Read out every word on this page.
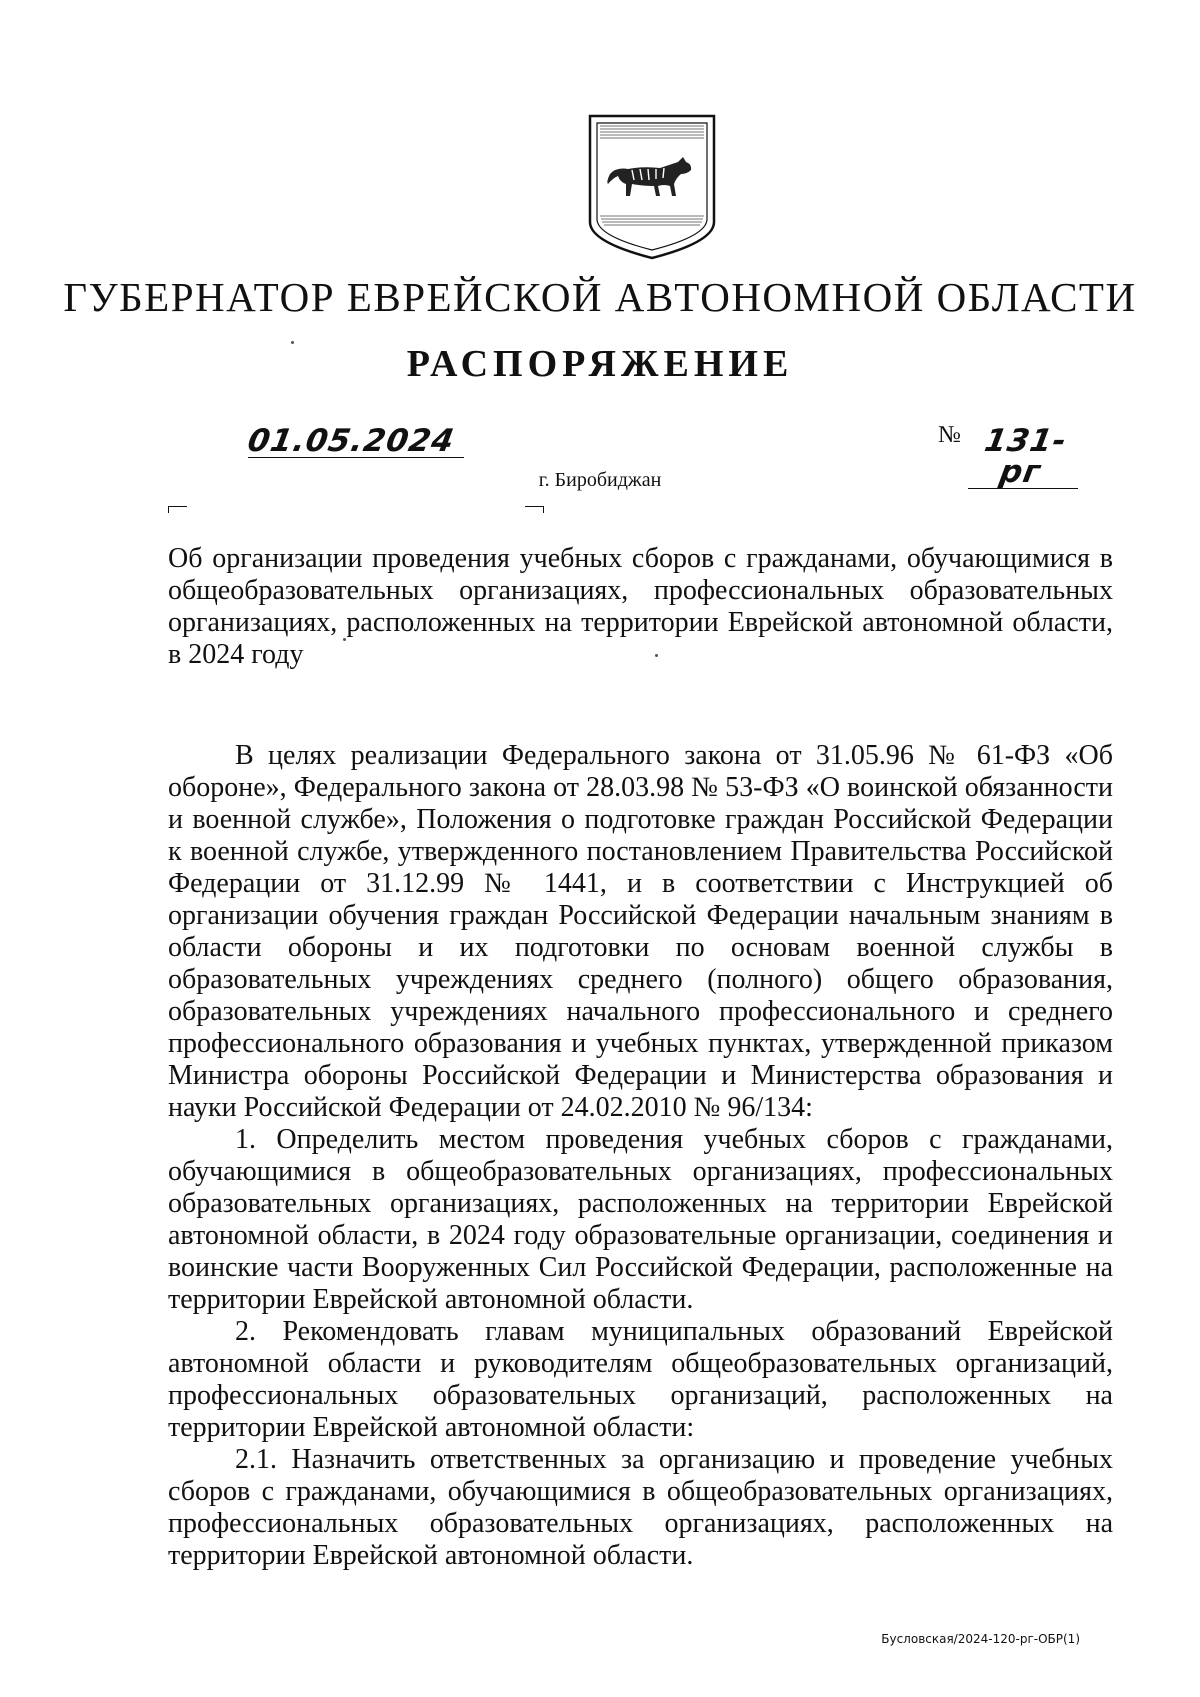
ГУБЕРНАТОР ЕВРЕЙСКОЙ АВТОНОМНОЙ ОБЛАСТИ
РАСПОРЯЖЕНИЕ
01.05.2024	№ 131-рг
г. Биробиджан

Об организации проведения учебных сборов с гражданами, обучающимися в общеобразовательных организациях, профессиональных образовательных организациях, расположенных на территории Еврейской автономной области, в 2024 году

В целях реализации Федерального закона от 31.05.96 № 61-ФЗ «Об обороне», Федерального закона от 28.03.98 № 53-ФЗ «О воинской обязанности и военной службе», Положения о подготовке граждан Российской Федерации к военной службе, утвержденного постановлением Правительства Российской Федерации от 31.12.99 № 1441, и в соответствии с Инструкцией об организации обучения граждан Российской Федерации начальным знаниям в области обороны и их подготовки по основам военной службы в образовательных учреждениях среднего (полного) общего образования, образовательных учреждениях начального профессионального и среднего профессионального образования и учебных пунктах, утвержденной приказом Министра обороны Российской Федерации и Министерства образования и науки Российской Федерации от 24.02.2010 № 96/134:

1. Определить местом проведения учебных сборов с гражданами, обучающимися в общеобразовательных организациях, профессиональных образовательных организациях, расположенных на территории Еврейской автономной области, в 2024 году образовательные организации, соединения и воинские части Вооруженных Сил Российской Федерации, расположенные на территории Еврейской автономной области.

2. Рекомендовать главам муниципальных образований Еврейской автономной области и руководителям общеобразовательных организаций, профессиональных образовательных организаций, расположенных на территории Еврейской автономной области:

2.1. Назначить ответственных за организацию и проведение учебных сборов с гражданами, обучающимися в общеобразовательных организациях, профессиональных образовательных организациях, расположенных на территории Еврейской автономной области.

Бусловская/2024-120-рг-ОБР(1)
